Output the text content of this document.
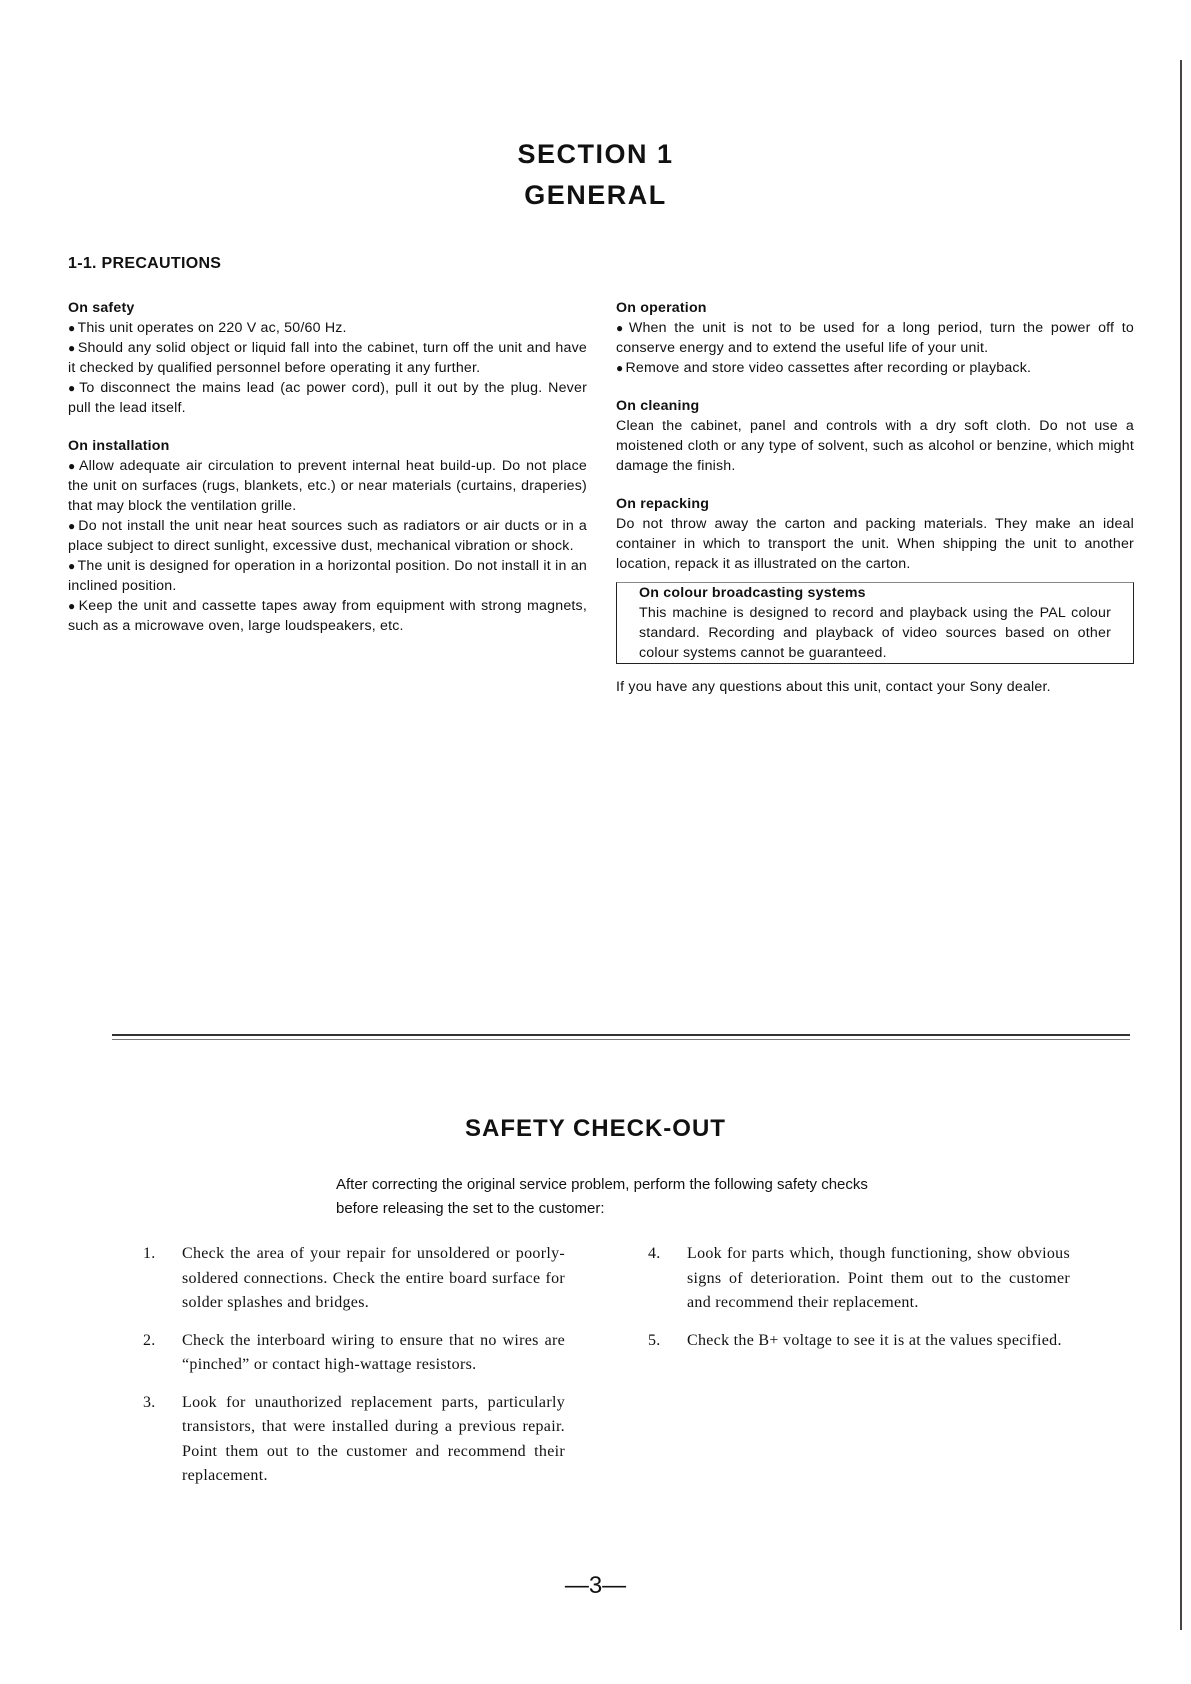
SECTION 1
GENERAL
1-1. PRECAUTIONS
On safety

● This unit operates on 220 V ac, 50/60 Hz.

● Should any solid object or liquid fall into the cabinet, turn off the unit and have it checked by qualified personnel before operating it any further.

● To disconnect the mains lead (ac power cord), pull it out by the plug. Never pull the lead itself.

On installation

● Allow adequate air circulation to prevent internal heat build-up. Do not place the unit on surfaces (rugs, blankets, etc.) or near materials (curtains, draperies) that may block the ventilation grille.

● Do not install the unit near heat sources such as radiators or air ducts or in a place subject to direct sunlight, excessive dust, mechanical vibration or shock.

● The unit is designed for operation in a horizontal position. Do not install it in an inclined position.

● Keep the unit and cassette tapes away from equipment with strong magnets, such as a microwave oven, large loudspeakers, etc.

On operation

● When the unit is not to be used for a long period, turn the power off to conserve energy and to extend the useful life of your unit.

● Remove and store video cassettes after recording or playback.

On cleaning

Clean the cabinet, panel and controls with a dry soft cloth. Do not use a moistened cloth or any type of solvent, such as alcohol or benzine, which might damage the finish.

On repacking

Do not throw away the carton and packing materials. They make an ideal container in which to transport the unit. When shipping the unit to another location, repack it as illustrated on the carton.

On colour broadcasting systems

This machine is designed to record and playback using the PAL colour standard. Recording and playback of video sources based on other colour systems cannot be guaranteed.

If you have any questions about this unit, contact your Sony dealer.
SAFETY CHECK-OUT
After correcting the original service problem, perform the following safety checks before releasing the set to the customer:
1. Check the area of your repair for unsoldered or poorly-soldered connections. Check the entire board surface for solder splashes and bridges.
2. Check the interboard wiring to ensure that no wires are “pinched” or contact high-wattage resistors.
3. Look for unauthorized replacement parts, particularly transistors, that were installed during a previous repair. Point them out to the customer and recommend their replacement.
4. Look for parts which, though functioning, show obvious signs of deterioration. Point them out to the customer and recommend their replacement.
5. Check the B+ voltage to see it is at the values specified.
—3—
